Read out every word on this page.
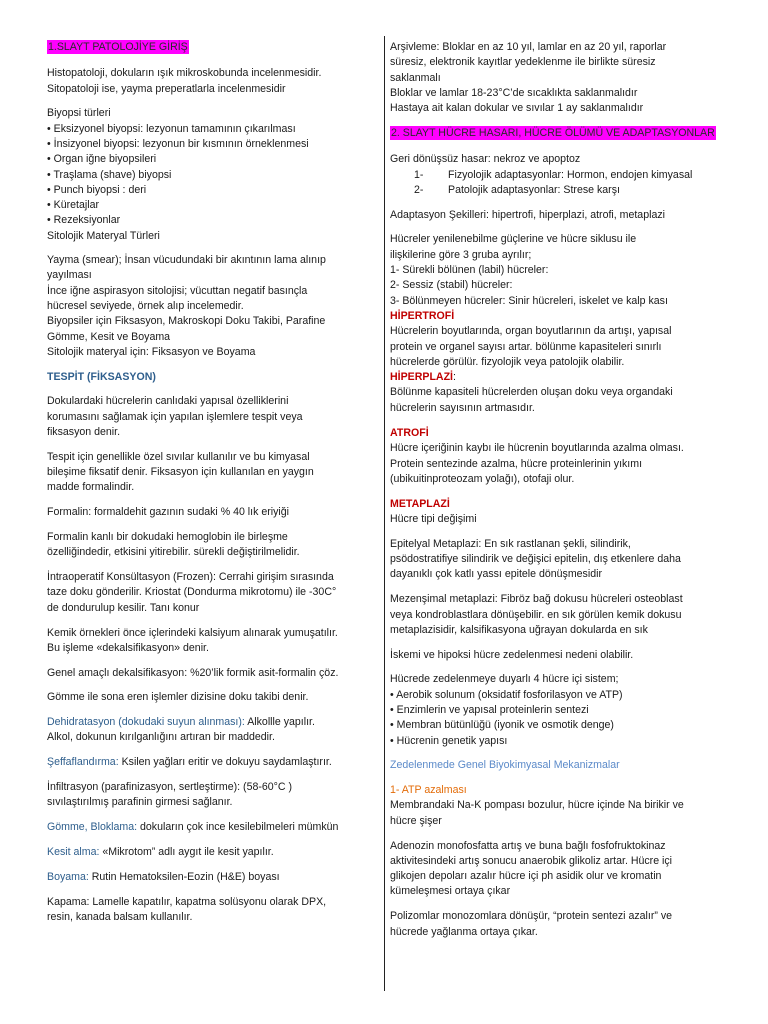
1.SLAYT PATOLOJİYE GİRİŞ
Histopatoloji, dokuların ışık mikroskobunda incelenmesidir.
Sitopatoloji ise, yayma preperatlarla incelenmesidir
Biyopsi türleri
• Eksizyonel biyopsi: lezyonun tamamının çıkarılması
• İnsizyonel biyopsi: lezyonun bir kısmının örneklenmesi
• Organ iğne biyopsileri
• Traşlama (shave) biyopsi
• Punch biyopsi : deri
• Küretajlar
• Rezeksiyonlar
Sitolojik Materyal Türleri
Yayma (smear); İnsan vücudundaki bir akıntının lama alınıp
yayılması
İnce iğne aspirasyon sitolojisi; vücuttan negatif basınçla
hücresel seviyede, örnek alıp incelemedir.
Biyopsiler için Fiksasyon, Makroskopi Doku Takibi, Parafine
Gömme, Kesit ve Boyama
Sitolojik materyal için: Fiksasyon ve Boyama
TESPİT (FİKSASYON)
Dokulardaki hücrelerin canlıdaki yapısal özelliklerini
korumasını sağlamak için yapılan işlemlere tespit veya
fiksasyon denir.
Tespit için genellikle özel sıvılar kullanılır ve bu kimyasal
bileşime fiksatif denir. Fiksasyon için kullanılan en yaygın
madde formalindir.
Formalin: formaldehit gazının sudaki % 40 lık eriyiği
Formalin kanlı bir dokudaki hemoglobin ile birleşme
özelliğindedir, etkisini yitirebilir. sürekli değiştirilmelidir.
İntraoperatif Konsültasyon (Frozen): Cerrahi girişim sırasında
taze doku gönderilir. Kriostat (Dondurma mikrotomu) ile -30C°
de dondurulup kesilir. Tanı konur
Kemik örnekleri önce içlerindeki kalsiyum alınarak yumuşatılır.
Bu işleme «dekalsifikasyon» denir.
Genel amaçlı dekalsifikasyon: %20’lik formik asit-formalin çöz.
Gömme ile sona eren işlemler dizisine doku takibi denir.
Dehidratasyon (dokudaki suyun alınması): Alkollle yapılır.
Alkol, dokunun kırılganlığını artıran bir maddedir.
Şeffaflandırma: Ksilen yağları eritir ve dokuyu saydamlaştırır.
İnfiltrasyon (parafinizasyon, sertleştirme): (58-60°C )
sıvılaştırılmış parafinin girmesi sağlanır.
Gömme, Bloklama: dokuların çok ince kesilebilmeleri mümkün
Kesit alma: «Mikrotom” adlı aygıt ile kesit yapılır.
Boyama: Rutin Hematoksilen-Eozin (H&E) boyası
Kapama: Lamelle kapatılır, kapatma solüsyonu olarak DPX,
resin, kanada balsam kullanılır.
Arşivleme: Bloklar en az 10 yıl, lamlar en az 20 yıl, raporlar
süresiz, elektronik kayıtlar yedeklenme ile birlikte süresiz
saklanmalı
Bloklar ve lamlar 18-23°C’de sıcaklıkta saklanmalıdır
Hastaya ait kalan dokular ve sıvılar 1 ay saklanmalıdır
2. SLAYT HÜCRE HASARI, HÜCRE ÖLÜMÜ VE ADAPTASYONLAR
Geri dönüşsüz hasar: nekroz ve apoptoz
1- Fizyolojik adaptasyonlar: Hormon, endojen kimyasal
2- Patolojik adaptasyonlar: Strese karşı
Adaptasyon Şekilleri: hipertrofi, hiperplazi, atrofi, metaplazi
Hücreler yenilenebilme güçlerine ve hücre siklusu ile
ilişkilerine göre 3 gruba ayrılır;
1- Sürekli bölünen (labil) hücreler:
2- Sessiz (stabil) hücreler:
3- Bölünmeyen hücreler: Sinir hücreleri, iskelet ve kalp kası
HİPERTROFİ
Hücrelerin boyutlarında, organ boyutlarının da artışı, yapısal
protein ve organel sayısı artar. bölünme kapasiteleri sınırlı
hücrelerde görülür. fizyolojik veya patolojik olabilir.
HİPERPLAZİ:
Bölünme kapasiteli hücrelerden oluşan doku veya organdaki
hücrelerin sayısının artmasıdır.
ATROFİ
Hücre içeriğinin kaybı ile hücrenin boyutlarında azalma olması.
Protein sentezinde azalma, hücre proteinlerinin yıkımı
(ubikuitinproteozam yolağı), otofaji olur.
METAPLAZİ
Hücre tipi değişimi
Epitelyal Metaplazi: En sık rastlanan şekli, silindirik,
psödostratifiye silindirik ve değişici epitelin, dış etkenlere daha
dayanıklı çok katlı yassı epitele dönüşmesidir
Mezenşimal metaplazi: Fibröz bağ dokusu hücreleri osteoblast
veya kondroblastlara dönüşebilir. en sık görülen kemik dokusu
metaplazisidir, kalsifikasyona uğrayan dokularda en sık
İskemi ve hipoksi hücre zedelenmesi nedeni olabilir.
Hücrede zedelenmeye duyarlı 4 hücre içi sistem;
• Aerobik solunum (oksidatif fosforilasyon ve ATP)
• Enzimlerin ve yapısal proteinlerin sentezi
• Membran bütünlüğü (iyonik ve osmotik denge)
• Hücrenin genetik yapısı
Zedelenmede Genel Biyokimyasal Mekanizmalar
1- ATP azalması
Membrandaki Na-K pompası bozulur, hücre içinde Na birikir ve
hücre şişer
Adenozin monofosfatta artış ve buna bağlı fosfofruktokinaz
aktivitesindeki artış sonucu anaerobik glikoliz artar. Hücre içi
glikojen depoları azalır hücre içi ph asidik olur ve kromatin
kümeleşmesi ortaya çıkar
Polizomlar monozomlara dönüşür, “protein sentezi azalır” ve
hücrede yağlanma ortaya çıkar.
